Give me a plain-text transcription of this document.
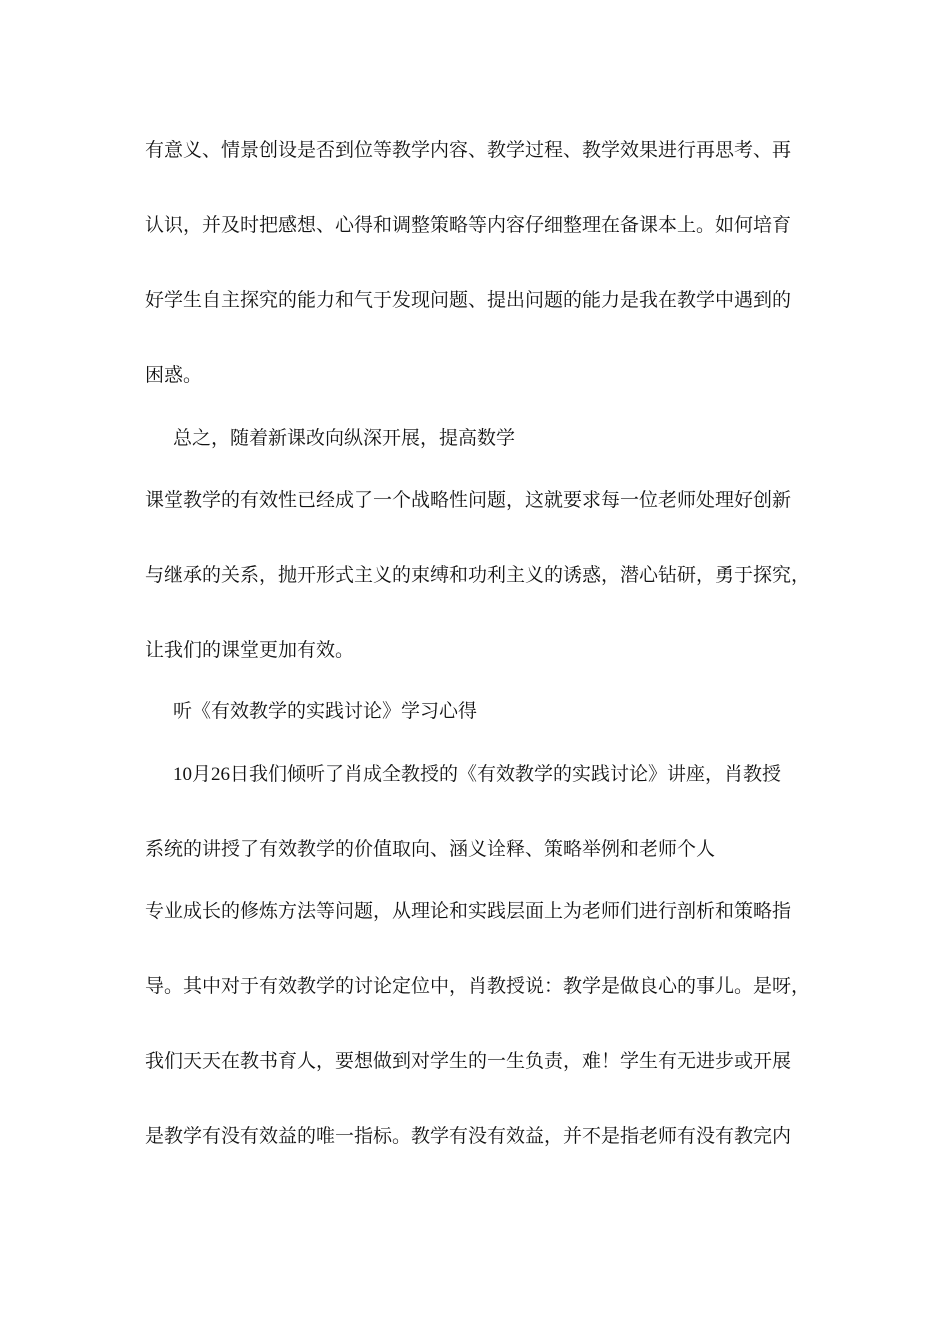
有意义、情景创设是否到位等教学内容、教学过程、教学效果进行再思考、再
认识，并及时把感想、心得和调整策略等内容仔细整理在备课本上。如何培育
好学生自主探究的能力和气于发现问题、提出问题的能力是我在教学中遇到的
困惑。
总之，随着新课改向纵深开展，提高数学
课堂教学的有效性已经成了一个战略性问题，这就要求每一位老师处理好创新
与继承的关系，抛开形式主义的束缚和功利主义的诱惑，潜心钻研，勇于探究，
让我们的课堂更加有效。
听《有效教学的实践讨论》学习心得
10月26日我们倾听了肖成全教授的《有效教学的实践讨论》讲座，肖教授
系统的讲授了有效教学的价值取向、涵义诠释、策略举例和老师个人
专业成长的修炼方法等问题，从理论和实践层面上为老师们进行剖析和策略指
导。其中对于有效教学的讨论定位中，肖教授说：教学是做良心的事儿。是呀，
我们天天在教书育人，要想做到对学生的一生负责，难！学生有无进步或开展
是教学有没有效益的唯一指标。教学有没有效益，并不是指老师有没有教完内
